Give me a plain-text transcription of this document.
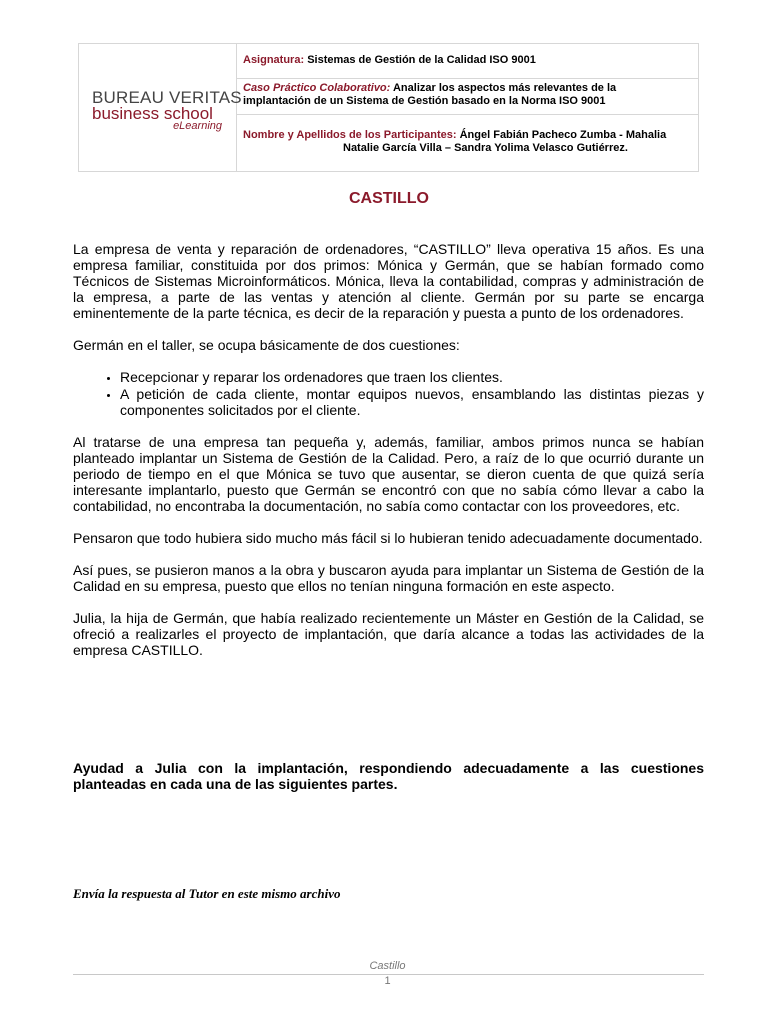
BUREAU VERITAS
business school
eLearning
Asignatura: Sistemas de Gestión de la Calidad ISO 9001
Caso Práctico Colaborativo: Analizar los aspectos más relevantes de la
implantación de un Sistema de Gestión basado en la Norma ISO 9001
Nombre y Apellidos de los Participantes: Ángel Fabián Pacheco Zumba - Mahalia
Natalie García Villa – Sandra Yolima Velasco Gutiérrez.
CASTILLO

La empresa de venta y reparación de ordenadores, “CASTILLO” lleva operativa 15 años. Es una empresa familiar, constituida por dos primos: Mónica y Germán, que se habían formado como Técnicos de Sistemas Microinformáticos. Mónica, lleva la contabilidad, compras y administración de la empresa, a parte de las ventas y atención al cliente. Germán por su parte se encarga eminentemente de la parte técnica, es decir de la reparación y puesta a punto de los ordenadores.

Germán en el taller, se ocupa básicamente de dos cuestiones:

• Recepcionar y reparar los ordenadores que traen los clientes.
• A petición de cada cliente, montar equipos nuevos, ensamblando las distintas piezas y componentes solicitados por el cliente.

Al tratarse de una empresa tan pequeña y, además, familiar, ambos primos nunca se habían planteado implantar un Sistema de Gestión de la Calidad. Pero, a raíz de lo que ocurrió durante un periodo de tiempo en el que Mónica se tuvo que ausentar, se dieron cuenta de que quizá sería interesante implantarlo, puesto que Germán se encontró con que no sabía cómo llevar a cabo la contabilidad, no encontraba la documentación, no sabía como contactar con los proveedores, etc.

Pensaron que todo hubiera sido mucho más fácil si lo hubieran tenido adecuadamente documentado.

Así pues, se pusieron manos a la obra y buscaron ayuda para implantar un Sistema de Gestión de la Calidad en su empresa, puesto que ellos no tenían ninguna formación en este aspecto.

Julia, la hija de Germán, que había realizado recientemente un Máster en Gestión de la Calidad, se ofreció a realizarles el proyecto de implantación, que daría alcance a todas las actividades de la empresa CASTILLO.

Ayudad a Julia con la implantación, respondiendo adecuadamente a las cuestiones planteadas en cada una de las siguientes partes.
Envía la respuesta al Tutor en este mismo archivo
Castillo
1
